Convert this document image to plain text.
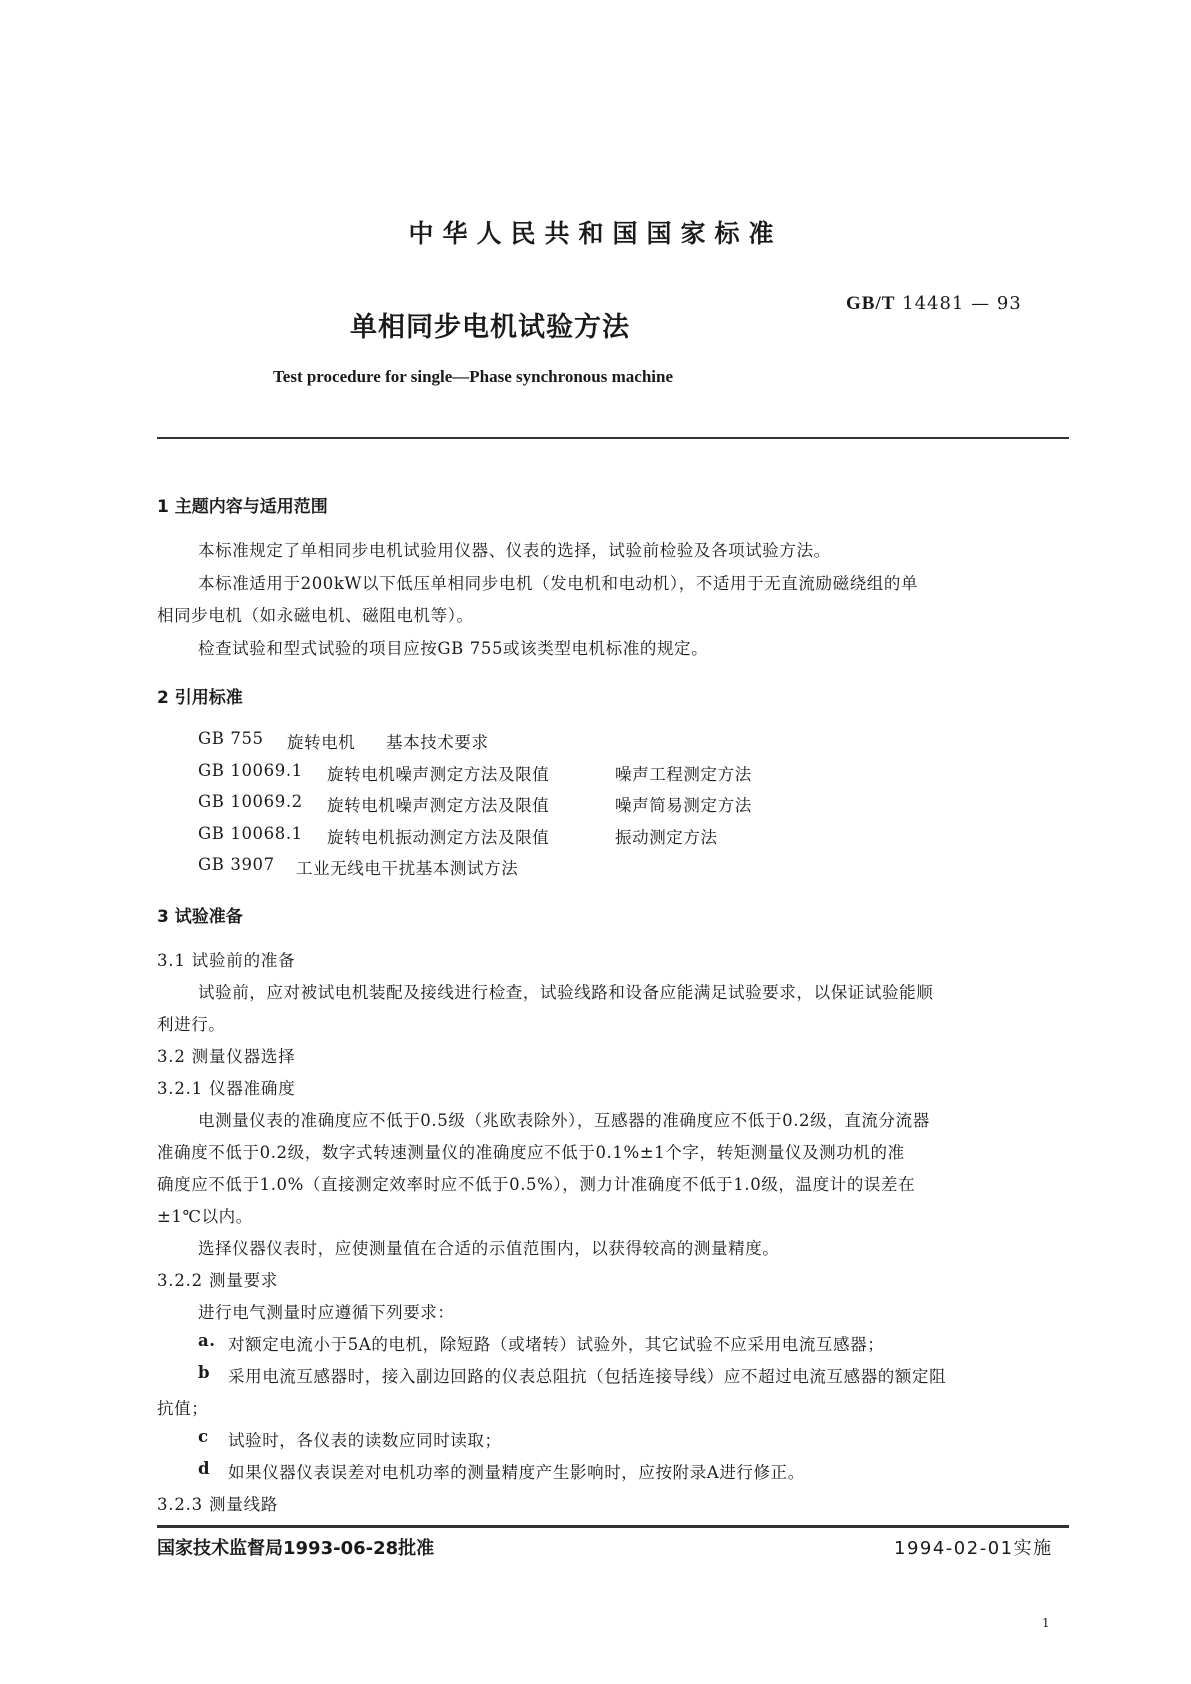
中华人民共和国国家标准
GB/T 14481 — 93
单相同步电机试验方法
Test procedure for single—Phase synchronous machine
1 主题内容与适用范围
本标准规定了单相同步电机试验用仪器、仪表的选择，试验前检验及各项试验方法。
本标准适用于200kW以下低压单相同步电机（发电机和电动机），不适用于无直流励磁绕组的单
相同步电机（如永磁电机、磁阻电机等）。
检查试验和型式试验的项目应按GB 755或该类型电机标准的规定。
2 引用标准
GB 755 旋转电机 基本技术要求
GB 10069.1 旋转电机噪声测定方法及限值	噪声工程测定方法
GB 10069.2 旋转电机噪声测定方法及限值	噪声简易测定方法
GB 10068.1 旋转电机振动测定方法及限值	振动测定方法
GB 3907 工业无线电干扰基本测试方法
3 试验准备
3.1 试验前的准备
试验前，应对被试电机装配及接线进行检查，试验线路和设备应能满足试验要求，以保证试验能顺
利进行。
3.2 测量仪器选择
3.2.1 仪器准确度
电测量仪表的准确度应不低于0.5级（兆欧表除外），互感器的准确度应不低于0.2级，直流分流器
准确度不低于0.2级，数字式转速测量仪的准确度应不低于0.1%±1个字，转矩测量仪及测功机的准
确度应不低于1.0%（直接测定效率时应不低于0.5%），测力计准确度不低于1.0级，温度计的误差在
±1℃以内。
选择仪器仪表时，应使测量值在合适的示值范围内，以获得较高的测量精度。
3.2.2 测量要求
进行电气测量时应遵循下列要求：
a. 对额定电流小于5A的电机，除短路（或堵转）试验外，其它试验不应采用电流互感器；
b 采用电流互感器时，接入副边回路的仪表总阻抗（包括连接导线）应不超过电流互感器的额定阻
抗值；
c 试验时，各仪表的读数应同时读取；
d 如果仪器仪表误差对电机功率的测量精度产生影响时，应按附录A进行修正。
3.2.3 测量线路
国家技术监督局1993-06-28批准	1994-02-01实施
1
